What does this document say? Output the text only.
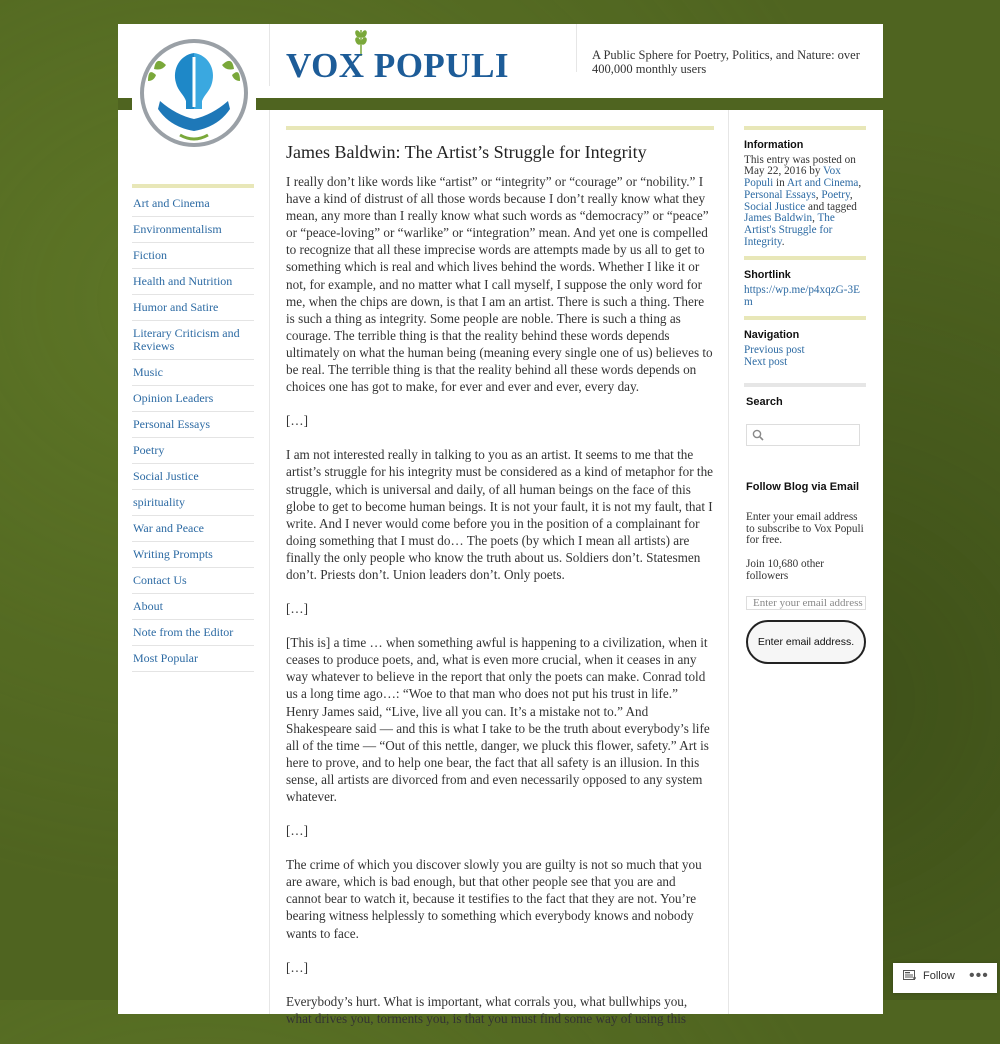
VOX POPULI	A Public Sphere for Poetry, Politics, and Nature: over 400,000 monthly users
Art and Cinema
Environmentalism
Fiction
Health and Nutrition
Humor and Satire
Literary Criticism and Reviews
Music
Opinion Leaders
Personal Essays
Poetry
Social Justice
spirituality
War and Peace
Writing Prompts
Contact Us
About
Note from the Editor
Most Popular
James Baldwin: The Artist’s Struggle for Integrity

I really don’t like words like “artist” or “integrity” or “courage” or “nobility.” I have a kind of distrust of all those words because I don’t really know what they mean, any more than I really know what such words as “democracy” or “peace” or “peace-loving” or “warlike” or “integration” mean. And yet one is compelled to recognize that all these imprecise words are attempts made by us all to get to something which is real and which lives behind the words. Whether I like it or not, for example, and no matter what I call myself, I suppose the only word for me, when the chips are down, is that I am an artist. There is such a thing. There is such a thing as integrity. Some people are noble. There is such a thing as courage. The terrible thing is that the reality behind these words depends ultimately on what the human being (meaning every single one of us) believes to be real. The terrible thing is that the reality behind all these words depends on choices one has got to make, for ever and ever and ever, every day.

[…]

I am not interested really in talking to you as an artist. It seems to me that the artist’s struggle for his integrity must be considered as a kind of metaphor for the struggle, which is universal and daily, of all human beings on the face of this globe to get to become human beings. It is not your fault, it is not my fault, that I write. And I never would come before you in the position of a complainant for doing something that I must do… The poets (by which I mean all artists) are finally the only people who know the truth about us. Soldiers don’t. Statesmen don’t. Priests don’t. Union leaders don’t. Only poets.

[…]

[This is] a time … when something awful is happening to a civilization, when it ceases to produce poets, and, what is even more crucial, when it ceases in any way whatever to believe in the report that only the poets can make. Conrad told us a long time ago…: “Woe to that man who does not put his trust in life.” Henry James said, “Live, live all you can. It’s a mistake not to.” And Shakespeare said — and this is what I take to be the truth about everybody’s life all of the time — “Out of this nettle, danger, we pluck this flower, safety.” Art is here to prove, and to help one bear, the fact that all safety is an illusion. In this sense, all artists are divorced from and even necessarily opposed to any system whatever.

[…]

The crime of which you discover slowly you are guilty is not so much that you are aware, which is bad enough, but that other people see that you are and cannot bear to watch it, because it testifies to the fact that they are not. You’re bearing witness helplessly to something which everybody knows and nobody wants to face.

[…]

Everybody’s hurt. What is important, what corrals you, what bullwhips you, what drives you, torments you, is that you must find some way of using this

Information
This entry was posted on May 22, 2016 by Vox Populi in Art and Cinema, Personal Essays, Poetry, Social Justice and tagged James Baldwin, The Artist's Struggle for Integrity.
Shortlink
https://wp.me/p4xqzG-3Em
Navigation
Previous post
Next post
Search
Follow Blog via Email
Enter your email address to subscribe to Vox Populi for free.
Join 10,680 other followers
Enter your email address
Enter email address.
Follow •••
